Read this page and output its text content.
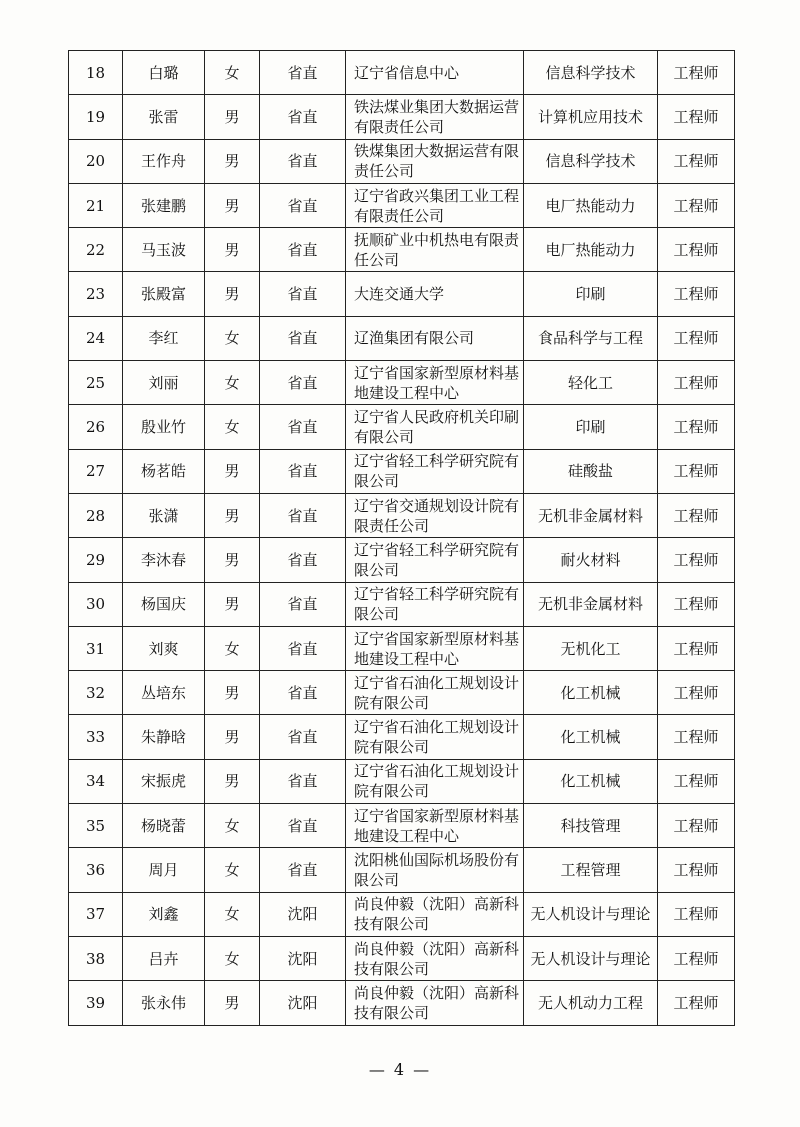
18	白璐	女	省直	辽宁省信息中心	信息科学技术	工程师
19	张雷	男	省直	铁法煤业集团大数据运营有限责任公司	计算机应用技术	工程师
20	王作舟	男	省直	铁煤集团大数据运营有限责任公司	信息科学技术	工程师
21	张建鹏	男	省直	辽宁省政兴集团工业工程有限责任公司	电厂热能动力	工程师
22	马玉波	男	省直	抚顺矿业中机热电有限责任公司	电厂热能动力	工程师
23	张殿富	男	省直	大连交通大学	印刷	工程师
24	李红	女	省直	辽渔集团有限公司	食品科学与工程	工程师
25	刘丽	女	省直	辽宁省国家新型原材料基地建设工程中心	轻化工	工程师
26	殷业竹	女	省直	辽宁省人民政府机关印刷有限公司	印刷	工程师
27	杨茗皓	男	省直	辽宁省轻工科学研究院有限公司	硅酸盐	工程师
28	张潇	男	省直	辽宁省交通规划设计院有限责任公司	无机非金属材料	工程师
29	李沐春	男	省直	辽宁省轻工科学研究院有限公司	耐火材料	工程师
30	杨国庆	男	省直	辽宁省轻工科学研究院有限公司	无机非金属材料	工程师
31	刘爽	女	省直	辽宁省国家新型原材料基地建设工程中心	无机化工	工程师
32	丛培东	男	省直	辽宁省石油化工规划设计院有限公司	化工机械	工程师
33	朱静晗	男	省直	辽宁省石油化工规划设计院有限公司	化工机械	工程师
34	宋振虎	男	省直	辽宁省石油化工规划设计院有限公司	化工机械	工程师
35	杨晓蕾	女	省直	辽宁省国家新型原材料基地建设工程中心	科技管理	工程师
36	周月	女	省直	沈阳桃仙国际机场股份有限公司	工程管理	工程师
37	刘鑫	女	沈阳	尚良仲毅（沈阳）高新科技有限公司	无人机设计与理论	工程师
38	吕卉	女	沈阳	尚良仲毅（沈阳）高新科技有限公司	无人机设计与理论	工程师
39	张永伟	男	沈阳	尚良仲毅（沈阳）高新科技有限公司	无人机动力工程	工程师
— 4 —
